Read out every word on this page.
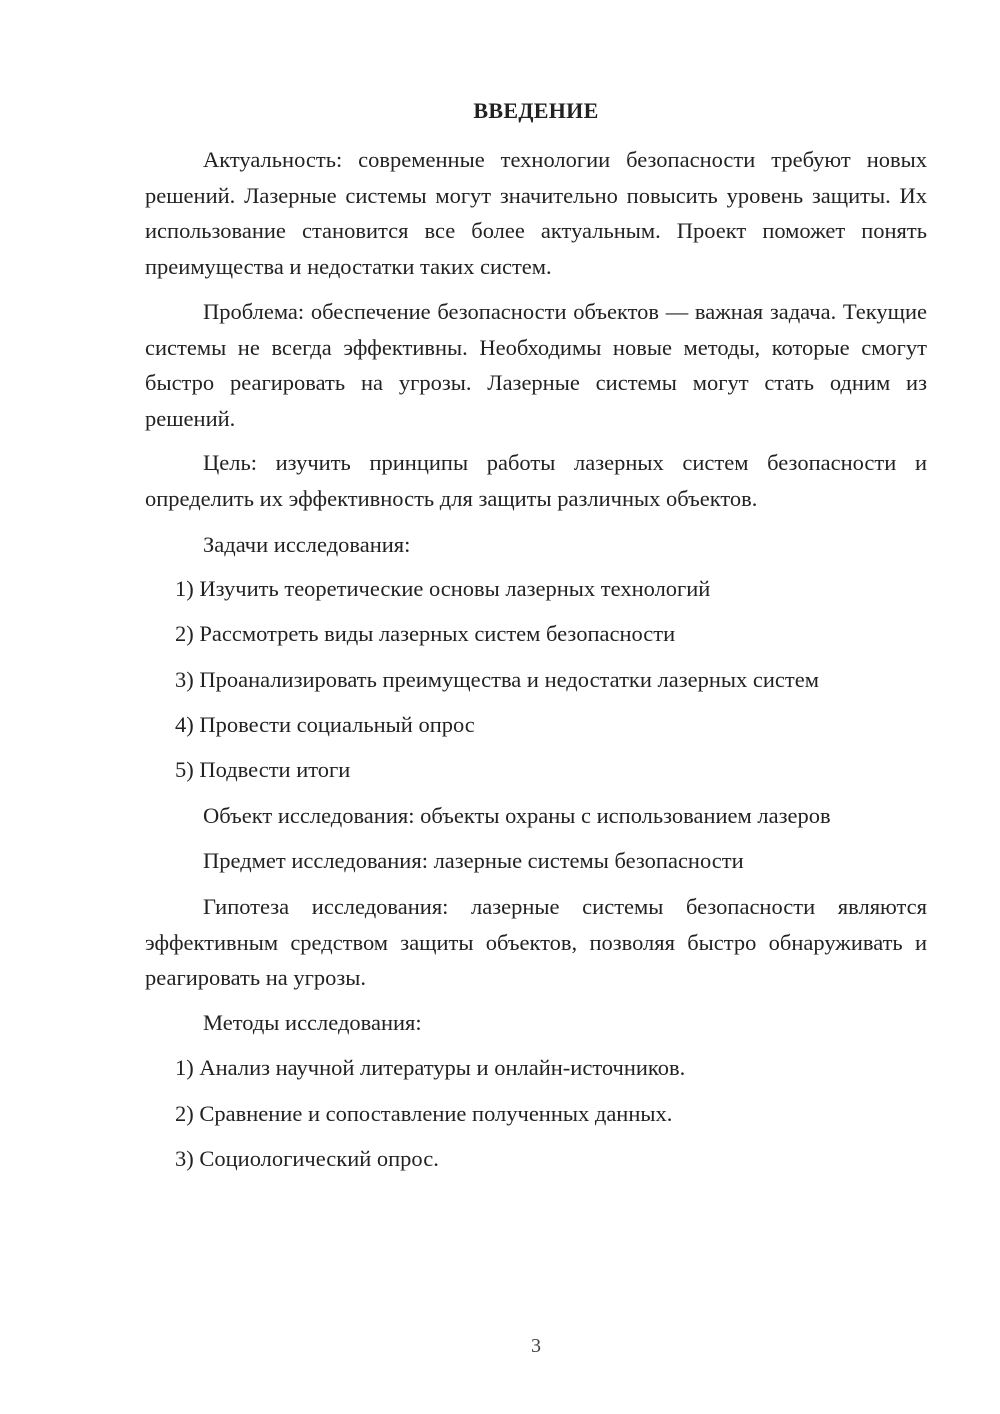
ВВЕДЕНИЕ

Актуальность: современные технологии безопасности требуют новых решений. Лазерные системы могут значительно повысить уровень защиты. Их использование становится все более актуальным. Проект поможет понять преимущества и недостатки таких систем.

Проблема: обеспечение безопасности объектов — важная задача. Текущие системы не всегда эффективны. Необходимы новые методы, которые смогут быстро реагировать на угрозы. Лазерные системы могут стать одним из решений.

Цель: изучить принципы работы лазерных систем безопасности и определить их эффективность для защиты различных объектов.

Задачи исследования:

1) Изучить теоретические основы лазерных технологий

2) Рассмотреть виды лазерных систем безопасности

3) Проанализировать преимущества и недостатки лазерных систем

4) Провести социальный опрос

5) Подвести итоги

Объект исследования: объекты охраны с использованием лазеров

Предмет исследования: лазерные системы безопасности

Гипотеза исследования: лазерные системы безопасности являются эффективным средством защиты объектов, позволяя быстро обнаруживать и реагировать на угрозы.

Методы исследования:

1) Анализ научной литературы и онлайн-источников.

2) Сравнение и сопоставление полученных данных.

3) Социологический опрос.

3
